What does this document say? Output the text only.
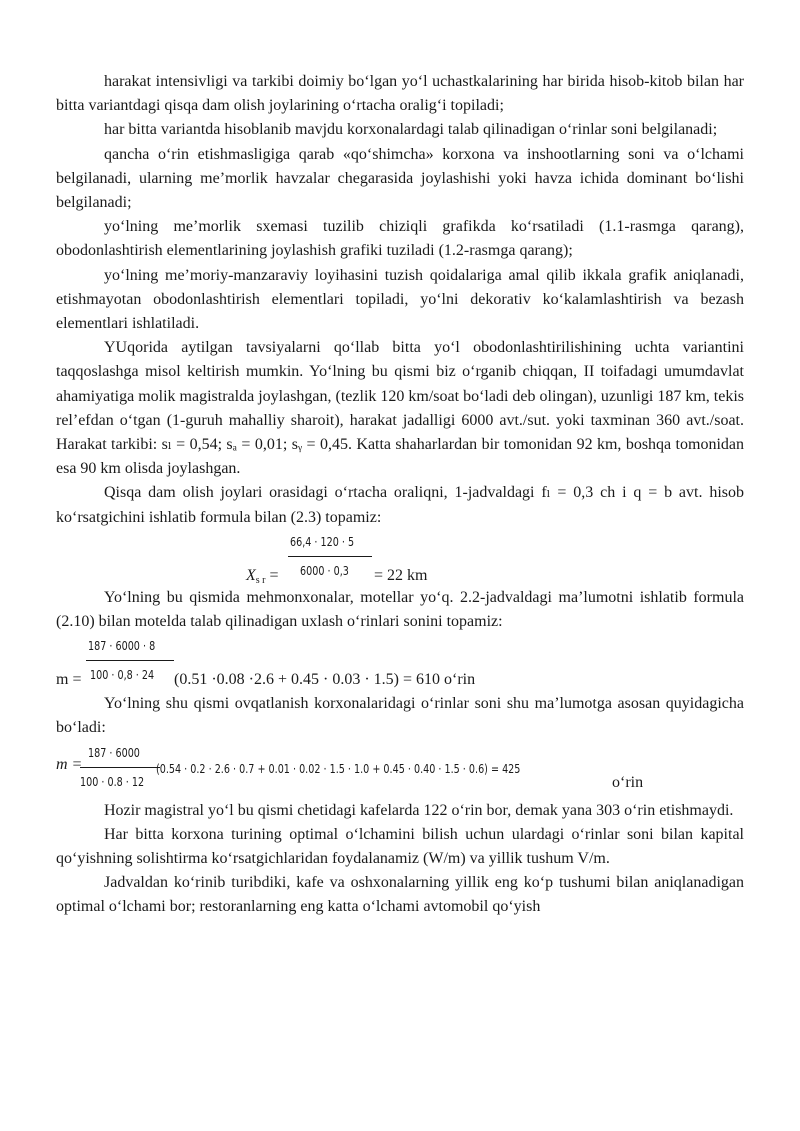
harakat intensivligi va tarkibi doimiy bo‘lgan yo‘l uchastkalarining har birida hisob-kitob bilan har bitta variantdagi qisqa dam olish joylarining o‘rtacha oralig‘i topiladi;

har bitta variantda hisoblanib mavjdu korxonalardagi talab qilinadigan o‘rinlar soni belgilanadi;

qancha o‘rin etishmasligiga qarab «qo‘shimcha» korxona va inshootlarning soni va o‘lchami belgilanadi, ularning me’morlik havzalar chegarasida joylashishi yoki havza ichida dominant bo‘lishi belgilanadi;

yo‘lning me’morlik sxemasi tuzilib chiziqli grafikda ko‘rsatiladi (1.1-rasmga qarang), obodonlashtirish elementlarining joylashish grafiki tuziladi (1.2-rasmga qarang);

yo‘lning me’moriy-manzaraviy loyihasini tuzish qoidalariga amal qilib ikkala grafik aniqlanadi, etishmayotan obodonlashtirish elementlari topiladi, yo‘lni dekorativ ko‘kalamlashtirish va bezash elementlari ishlatiladi.

YUqorida aytilgan tavsiyalarni qo‘llab bitta yo‘l obodonlashtirilishining uchta variantini taqqoslashga misol keltirish mumkin. Yo‘lning bu qismi biz o‘rganib chiqqan, II toifadagi umumdavlat ahamiyatiga molik magistralda joylashgan, (tezlik 120 km/soat bo‘ladi deb olingan), uzunligi 187 km, tekis rel’efdan o‘tgan (1-guruh mahalliy sharoit), harakat jadalligi 6000 avt./sut. yoki taxminan 360 avt./soat. Harakat tarkibi: sₗ = 0,54; sₐ = 0,01; sᵧ = 0,45. Katta shaharlardan bir tomonidan 92 km, boshqa tomonidan esa 90 km olisda joylashgan.

Qisqa dam olish joylari orasidagi o‘rtacha oraliqni, 1-jadvaldagi fₗ = 0,3 ch i q = b avt. hisob ko‘rsatgichini ishlatib formula bilan (2.3) topamiz:

$X_{s r} = \frac{66,4 \cdot 120 \cdot 5}{6000 \cdot 0,3} = 22$ km

Yo‘lning bu qismida mehmonxonalar, motellar yo‘q. 2.2-jadvaldagi ma’lumotni ishlatib formula (2.10) bilan motelda talab qilinadigan uxlash o‘rinlari sonini topamiz:

$m = \frac{187 \cdot 6000 \cdot 8}{100 \cdot 0,8 \cdot 24} (0.51 \cdot 0.08 \cdot 2.6 + 0.45 \cdot 0.03 \cdot 1.5) = 610$ o‘rin

Yo‘lning shu qismi ovqatlanish korxonalaridagi o‘rinlar soni shu ma’lumotga asosan quyidagicha bo‘ladi:

m =
$\frac{187 \cdot 6000}{100 \cdot 0.8 \cdot 12}$
(0.54 · 0.2 · 2.6 · 0.7 + 0.01 · 0.02 · 1.5 · 1.0 + 0.45 · 0.40 · 1.5 · 0.6) = 425
o‘rin

Hozir magistral yo‘l bu qismi chetidagi kafelarda 122 o‘rin bor, demak yana 303 o‘rin etishmaydi.

Har bitta korxona turining optimal o‘lchamini bilish uchun ulardagi o‘rinlar soni bilan kapital qo‘yishning solishtirma ko‘rsatgichlaridan foydalanamiz (W/m) va yillik tushum V/m.

Jadvaldan ko‘rinib turibdiki, kafe va oshxonalarning yillik eng ko‘p tushumi bilan aniqlanadigan optimal o‘lchami bor; restoranlarning eng katta o‘lchami avtomobil qo‘yish
